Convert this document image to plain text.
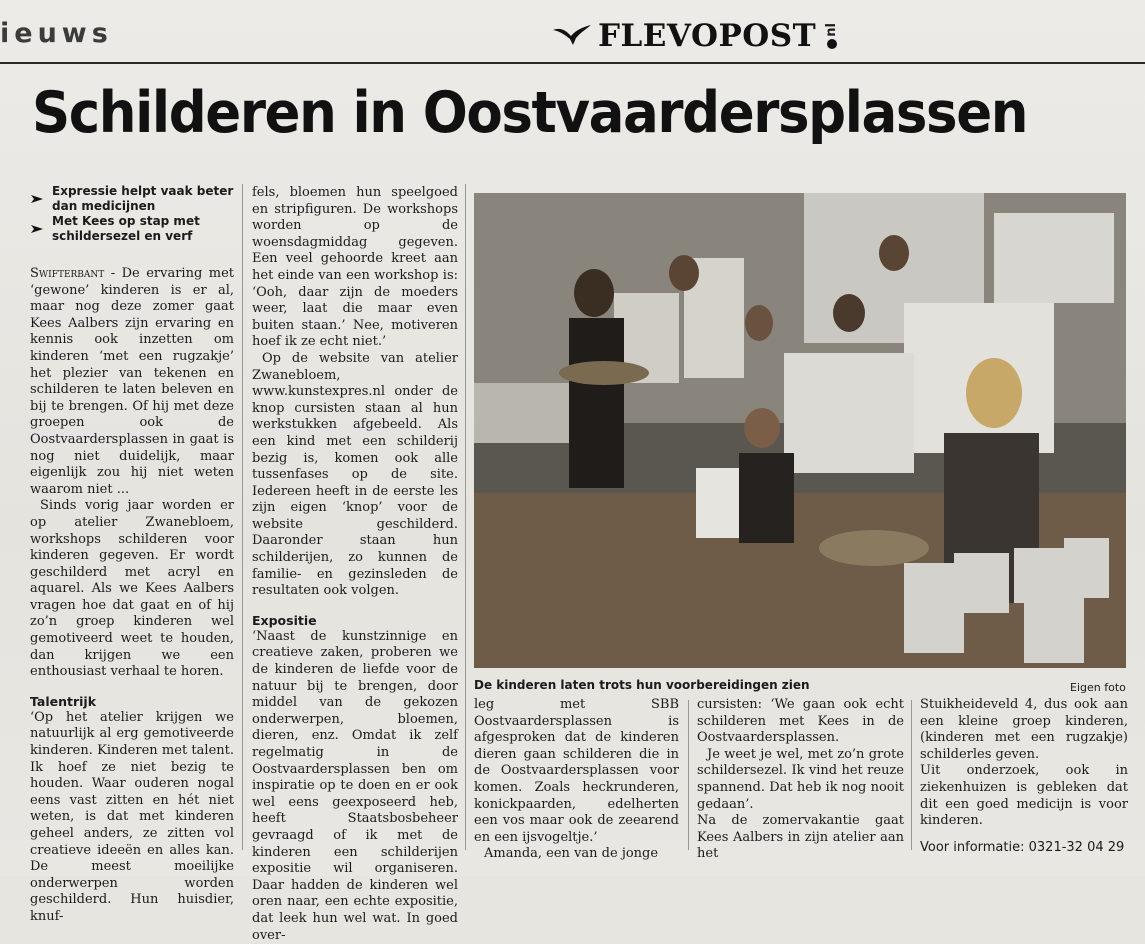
ieuws	FLEVOPOST nl
Schilderen in Oostvaardersplassen
Expressie helpt vaak beter dan medicijnen
Met Kees op stap met schildersezel en verf

Swifterbant - De ervaring met ‘gewone’ kinderen is er al, maar nog deze zomer gaat Kees Aalbers zijn ervaring en kennis ook inzetten om kinderen ‘met een rugzakje’ het plezier van tekenen en schilderen te laten beleven en bij te brengen. Of hij met deze groepen ook de Oostvaardersplassen in gaat is nog niet duidelijk, maar eigenlijk zou hij niet weten waarom niet ...

Sinds vorig jaar worden er op atelier Zwanebloem, workshops schilderen voor kinderen gegeven. Er wordt geschilderd met acryl en aquarel. Als we Kees Aalbers vragen hoe dat gaat en of hij zo’n groep kinderen wel gemotiveerd weet te houden, dan krijgen we een enthousiast verhaal te horen.

Talentrijk

‘Op het atelier krijgen we natuurlijk al erg gemotiveerde kinderen. Kinderen met talent. Ik hoef ze niet bezig te houden. Waar ouderen nogal eens vast zitten en hét niet weten, is dat met kinderen geheel anders, ze zitten vol creatieve ideeën en alles kan. De meest moeilijke onderwerpen worden geschilderd. Hun huisdier, knuf-

fels, bloemen hun speelgoed en stripfiguren. De workshops worden op de woensdagmiddag gegeven. Een veel gehoorde kreet aan het einde van een workshop is: ‘Ooh, daar zijn de moeders weer, laat die maar even buiten staan.’ Nee, motiveren hoef ik ze echt niet.’

Op de website van atelier Zwanebloem, www.kunstexpres.nl onder de knop cursisten staan al hun werkstukken afgebeeld. Als een kind met een schilderij bezig is, komen ook alle tussenfases op de site. Iedereen heeft in de eerste les zijn eigen ‘knop’ voor de website geschilderd. Daaronder staan hun schilderijen, zo kunnen de familie- en gezinsleden de resultaten ook volgen.

Expositie

‘Naast de kunstzinnige en creatieve zaken, proberen we de kinderen de liefde voor de natuur bij te brengen, door middel van de gekozen onderwerpen, bloemen, dieren, enz. Omdat ik zelf regelmatig in de Oostvaardersplassen ben om inspiratie op te doen en er ook wel eens geexposeerd heb, heeft Staatsbosbeheer gevraagd of ik met de kinderen een schilderijen expositie wil organiseren. Daar hadden de kinderen wel oren naar, een echte expositie, dat leek hun wel wat. In goed over-

De kinderen laten trots hun voorbereidingen zien	Eigen foto

leg met SBB Oostvaardersplassen is afgesproken dat de kinderen dieren gaan schilderen die in de Oostvaardersplassen voor komen. Zoals heckrunderen, konickpaarden, edelherten een vos maar ook de zeearend en een ijsvogeltje.’

Amanda, een van de jonge

cursisten: ‘We gaan ook echt schilderen met Kees in de Oostvaardersplassen.

Je weet je wel, met zo’n grote schildersezel. Ik vind het reuze spannend. Dat heb ik nog nooit gedaan’.

Na de zomervakantie gaat Kees Aalbers in zijn atelier aan het

Stuikheideveld 4, dus ook aan een kleine groep kinderen, (kinderen met een rugzakje) schilderles geven.

Uit onderzoek, ook in ziekenhuizen is gebleken dat dit een goed medicijn is voor kinderen.

Voor informatie: 0321-32 04 29
